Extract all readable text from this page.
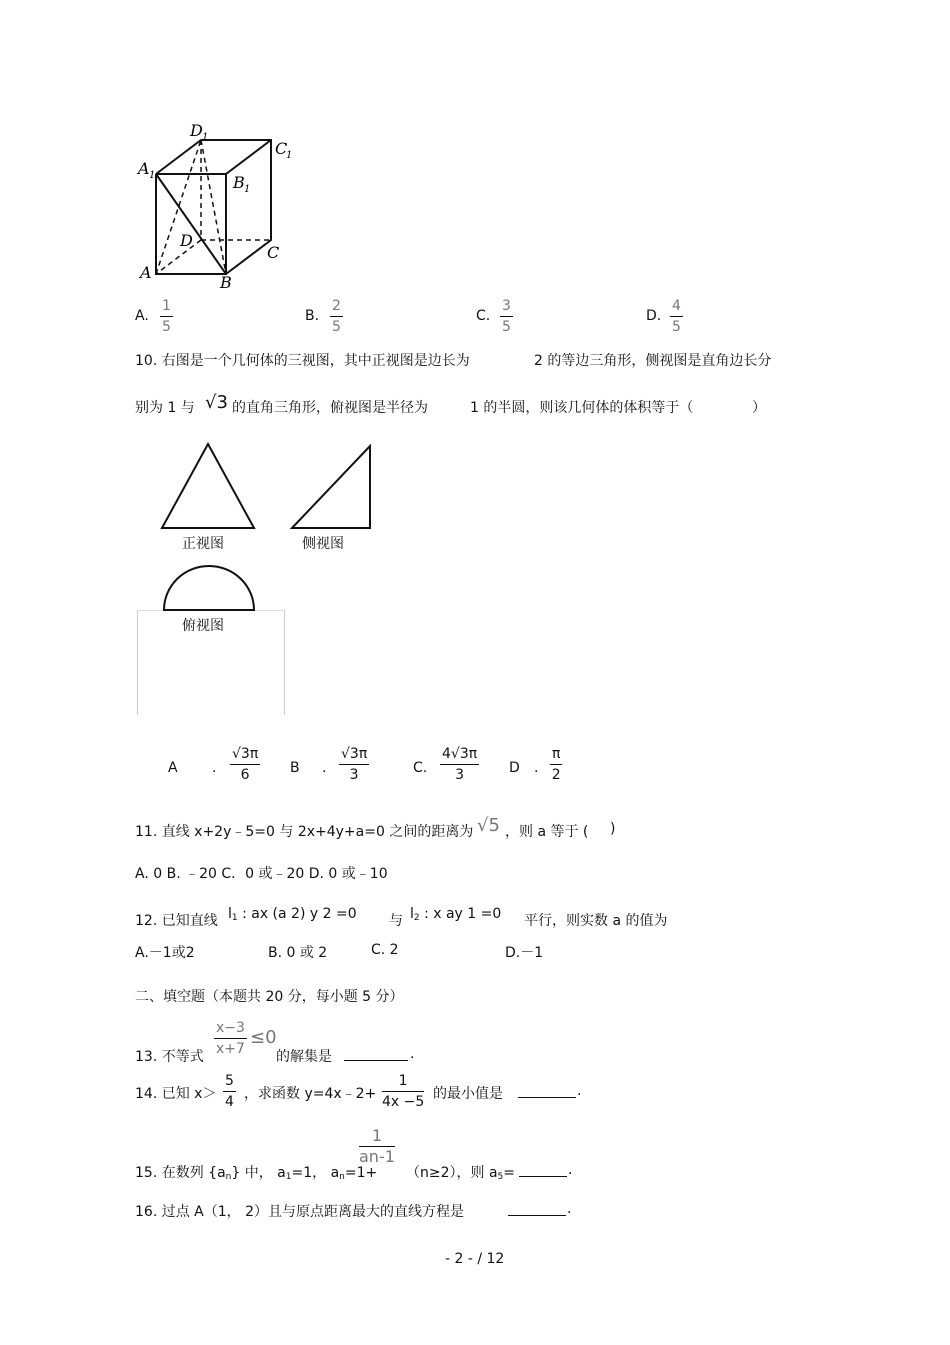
D 1
C
1
A 1	B 1
D
C
A
B
A. $\frac{1}{5}$	B. $\frac{2}{5}$	C. $\frac{3}{5}$	D. $\frac{4}{5}$
10. 右图是一个几何体的三视图，其中正视图是边长为	2 的等边三角形，侧视图是直角边长分
别为 1 与 √3 的直角三角形，俯视图是半径为	1 的半圆，则该几何体的体积等于（	）
正视图	侧视图
俯视图
A . $\frac{√3\pi}{6}$ B . $\frac{√3\pi}{3}$	C. $\frac{4√3\pi}{3}$ D . $\frac{\pi}{2}$
11. 直线 x+2y﹣5=0 与 2x+4y+a=0 之间的距离为 √5 ，则 a 等于 ( )
A. 0 B. ﹣20 C．0 或﹣20 D. 0 或﹣10
12. 已知直线 $l_1$ : ax (a 2) y 2 =0 与 $l_2$ : x ay 1 =0 平行，则实数 a 的值为
A.－1或2	B. 0 或 2	C. 2	D.－1
二、填空题（本题共 20 分，每小题 5 分）
$\frac{x-3}{x+7} \le 0$
13. 不等式	的解集是	.
14. 已知 $x> \frac{5}{4}$ ，求函数 y=4x﹣2+ $\frac{1}{4x -5}$ 的最小值是	.
$\frac{1}{an-1}$
15. 在数列 $\{a_n\}$ 中， $a_1=1$， $a_n=1+ (n\ge 2)$，则 $a_5=$	.
16. 过点 A（1， 2）且与原点距离最大的直线方程是	.
- 2 - / 12
